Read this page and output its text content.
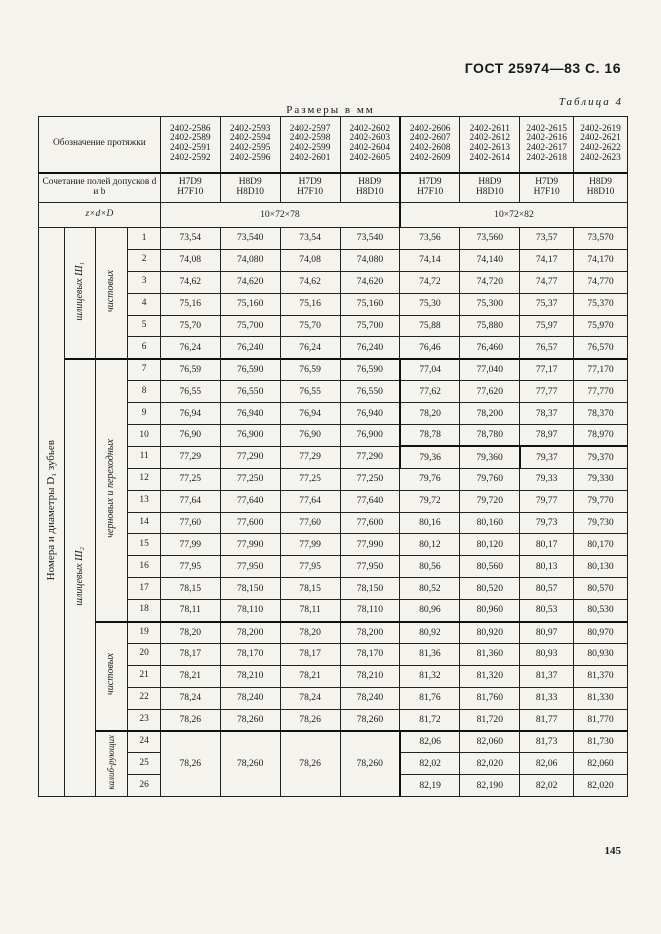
ГОСТ 25974—83 С. 16
Таблица 4
Размеры в мм
Обозначение протяжки				2402-2586
2402-2589
2402-2591
2402-2592	2402-2593
2402-2594
2402-2595
2402-2596	2402-2597
2402-2598
2402-2599
2402-2601	2402-2602
2402-2603
2402-2604
2402-2605	2402-2606
2402-2607
2402-2608
2402-2609	2402-2611
2402-2612
2402-2613
2402-2614	2402-2615
2402-2616
2402-2617
2402-2618	2402-2619
2402-2621
2402-2622
2402-2623
Сочетание полей допусков d и b				H7D9
H7F10	H8D9
H8D10	H7D9
H7F10	H8D9
H8D10	H7D9
H7F10	H8D9
H8D10	H7D9
H7F10	H8D9
H8D10
z×d×D				10×72×78				10×72×82			
Номера и диаметры D₁ зубьев	шлицевых Ш₁	чистовых	1	73,54	73,540	73,54	73,540	73,56	73,560	73,57	73,570
			2	74,08	74,080	74,08	74,080	74,14	74,140	74,17	74,170
			3	74,62	74,620	74,62	74,620	74,72	74,720	74,77	74,770
			4	75,16	75,160	75,16	75,160	75,30	75,300	75,37	75,370
			5	75,70	75,700	75,70	75,700	75,88	75,880	75,97	75,970
			6	76,24	76,240	76,24	76,240	76,46	76,460	76,57	76,570
	шлицевых Ш₂	черновых и переходных	7	76,59	76,590	76,59	76,590	77,04	77,040	77,17	77,170
			8	76,55	76,550	76,55	76,550	77,62	77,620	77,77	77,770
			9	76,94	76,940	76,94	76,940	78,20	78,200	78,37	78,370
			10	76,90	76,900	76,90	76,900	78,78	78,780	78,97	78,970
			11	77,29	77,290	77,29	77,290	79,36	79,360	79,37	79,370
			12	77,25	77,250	77,25	77,250	79,76	79,760	79,33	79,330
			13	77,64	77,640	77,64	77,640	79,72	79,720	79,77	79,770
			14	77,60	77,600	77,60	77,600	80,16	80,160	79,73	79,730
			15	77,99	77,990	77,99	77,990	80,12	80,120	80,17	80,170
			16	77,95	77,950	77,95	77,950	80,56	80,560	80,13	80,130
			17	78,15	78,150	78,15	78,150	80,52	80,520	80,57	80,570
			18	78,11	78,110	78,11	78,110	80,96	80,960	80,53	80,530
		чистовых	19	78,20	78,200	78,20	78,200	80,92	80,920	80,97	80,970
			20	78,17	78,170	78,17	78,170	81,36	81,360	80,93	80,930
			21	78,21	78,210	78,21	78,210	81,32	81,320	81,37	81,370
			22	78,24	78,240	78,24	78,240	81,76	81,760	81,33	81,330
			23	78,26	78,260	78,26	78,260	81,72	81,720	81,77	81,770
		калиб-рующих	24	78,26	78,260	78,26	78,260	82,06	82,060	81,73	81,730
			25					82,02	82,020	82,06	82,060
			26					82,19	82,190	82,02	82,020
145
